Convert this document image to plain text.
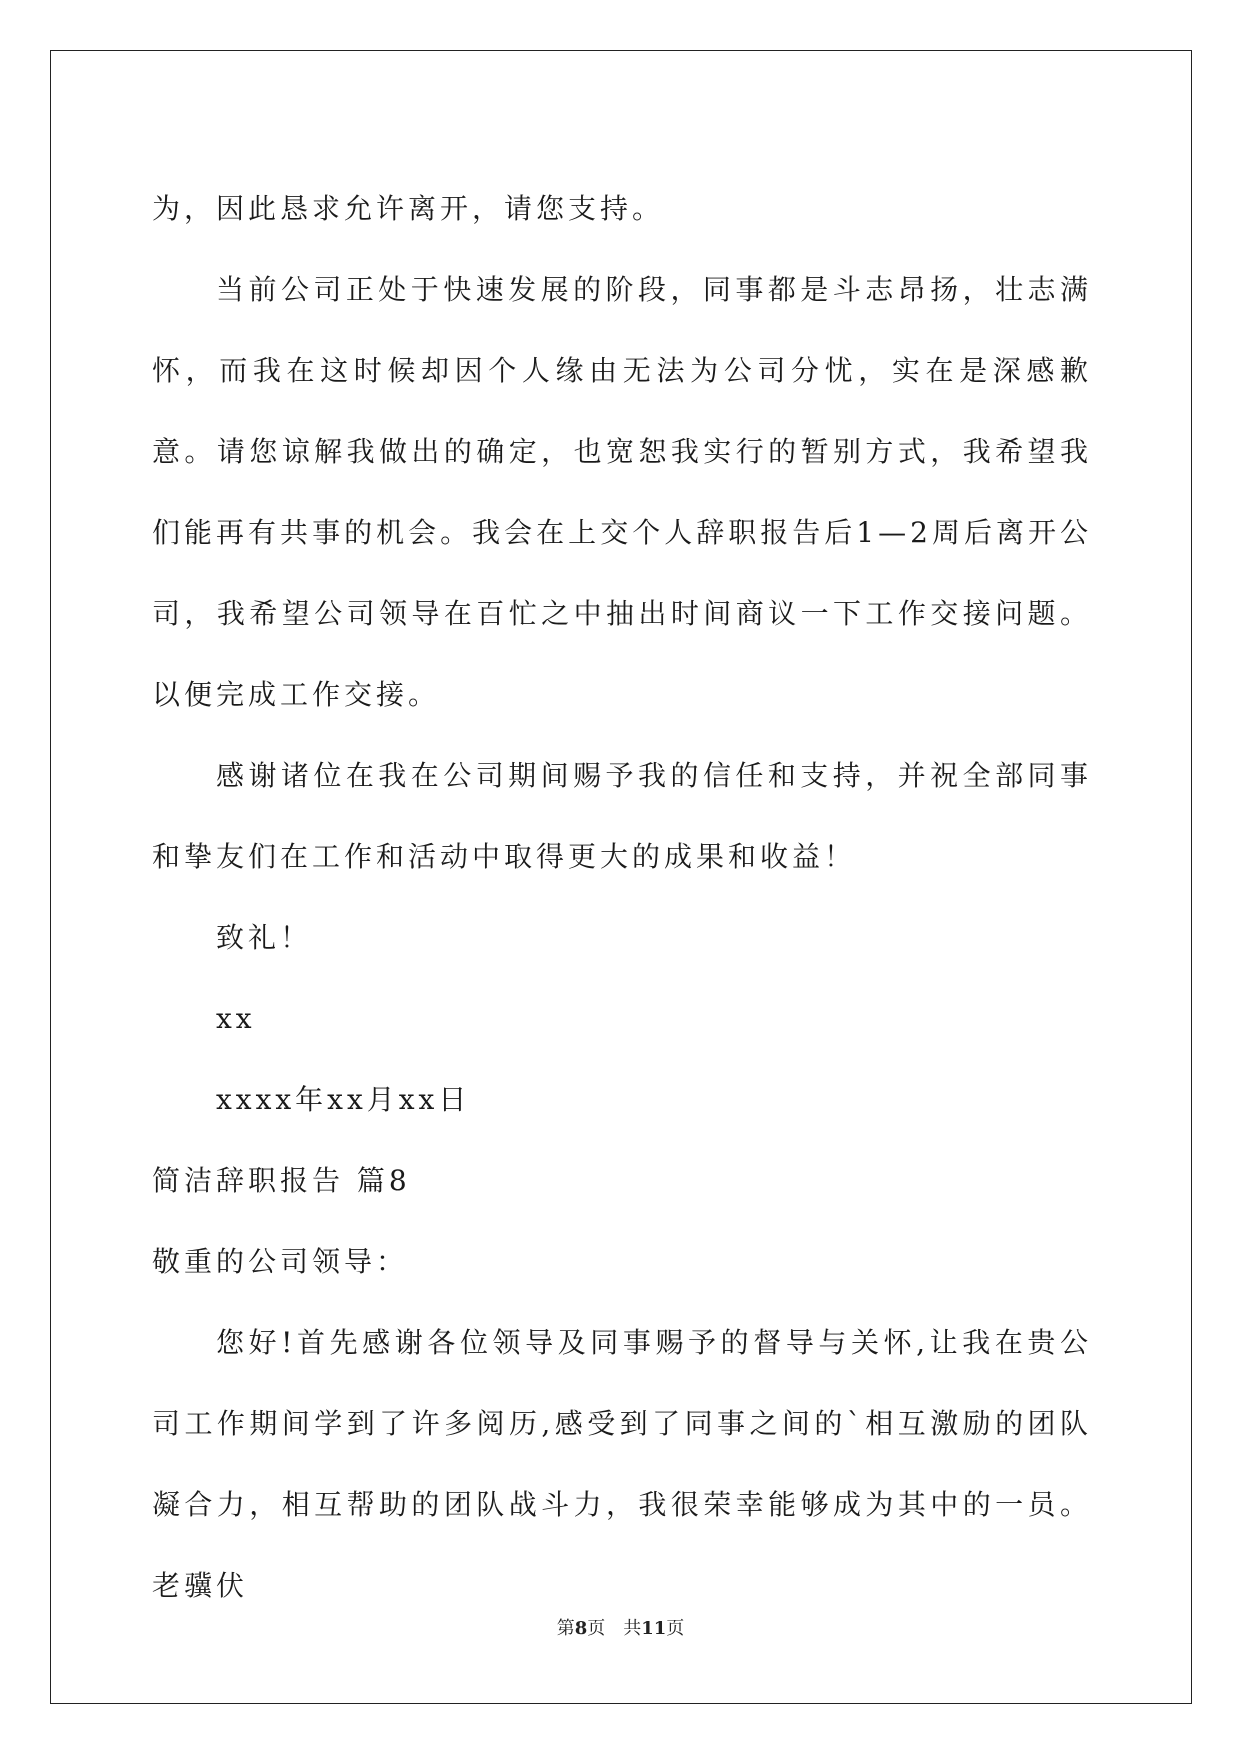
为，因此恳求允许离开，请您支持。

当前公司正处于快速发展的阶段，同事都是斗志昂扬，壮志满怀，而我在这时候却因个人缘由无法为公司分忧，实在是深感歉意。请您谅解我做出的确定，也宽恕我实行的暂别方式，我希望我们能再有共事的机会。我会在上交个人辞职报告后1—2周后离开公司，我希望公司领导在百忙之中抽出时间商议一下工作交接问题。以便完成工作交接。

感谢诸位在我在公司期间赐予我的信任和支持，并祝全部同事和挚友们在工作和活动中取得更大的成果和收益！

致礼！

xx

xxxx年xx月xx日

简洁辞职报告 篇8

敬重的公司领导：

您好!首先感谢各位领导及同事赐予的督导与关怀,让我在贵公司工作期间学到了许多阅历,感受到了同事之间的`相互激励的团队凝合力，相互帮助的团队战斗力，我很荣幸能够成为其中的一员。老骥伏

第8页　共11页
